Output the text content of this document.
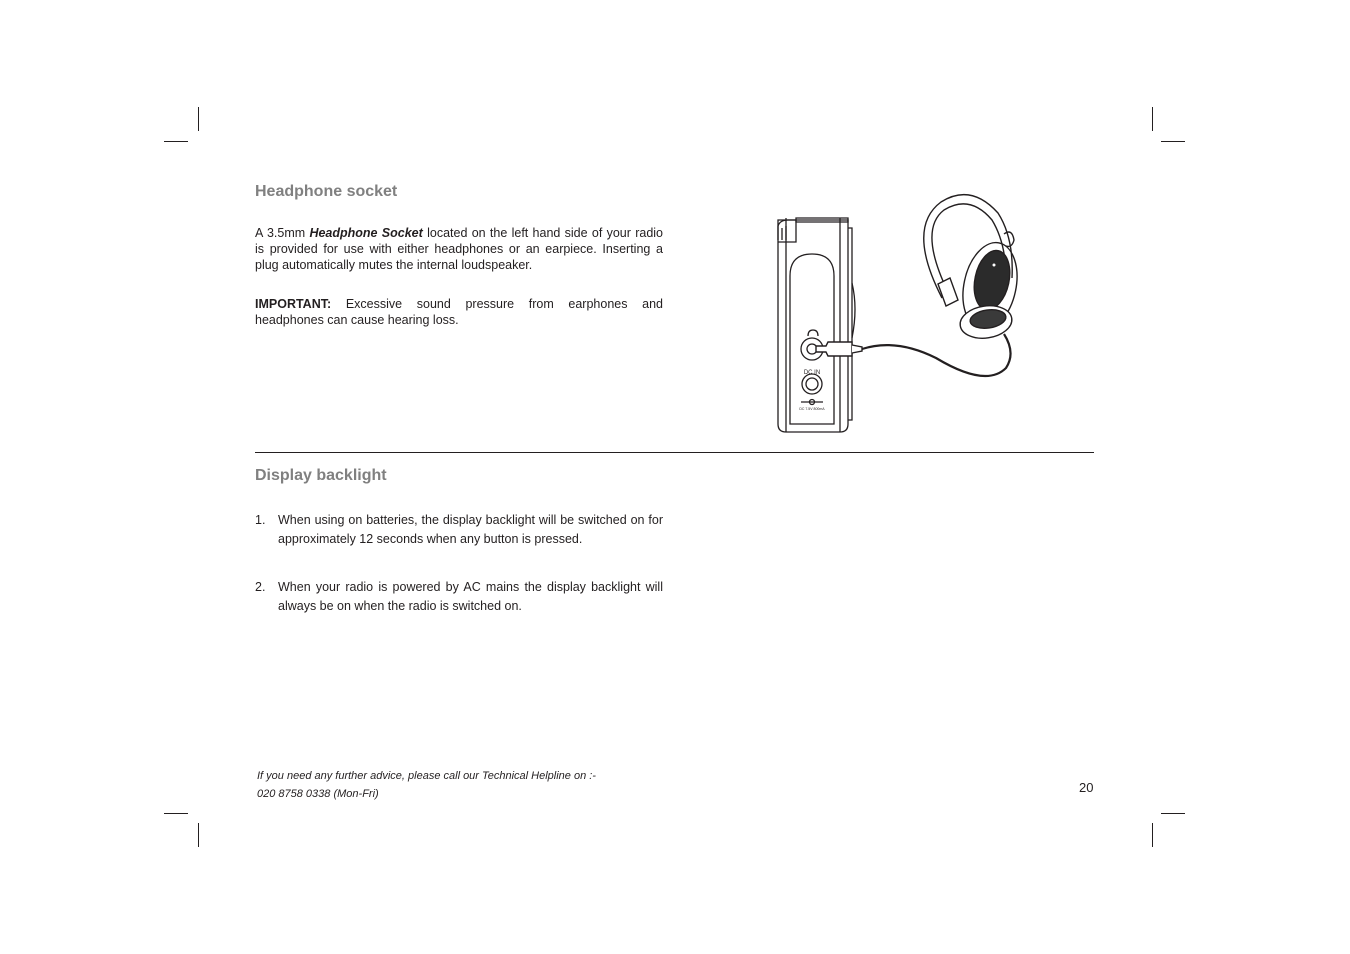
Headphone socket

A 3.5mm Headphone Socket located on the left hand side of your radio is provided for use with either headphones or an earpiece. Inserting a plug automatically mutes the internal loudspeaker.

IMPORTANT: Excessive sound pressure from earphones and headphones can cause hearing loss.

DC IN
DC 7.5V 800mA
Display backlight
1. When using on batteries, the display backlight will be switched on for approximately 12 seconds when any button is pressed.
2. When your radio is powered by AC mains the display backlight will always be on when the radio is switched on.
If you need any further advice, please call our Technical Helpline on :-
020 8758 0338 (Mon-Fri)	20
